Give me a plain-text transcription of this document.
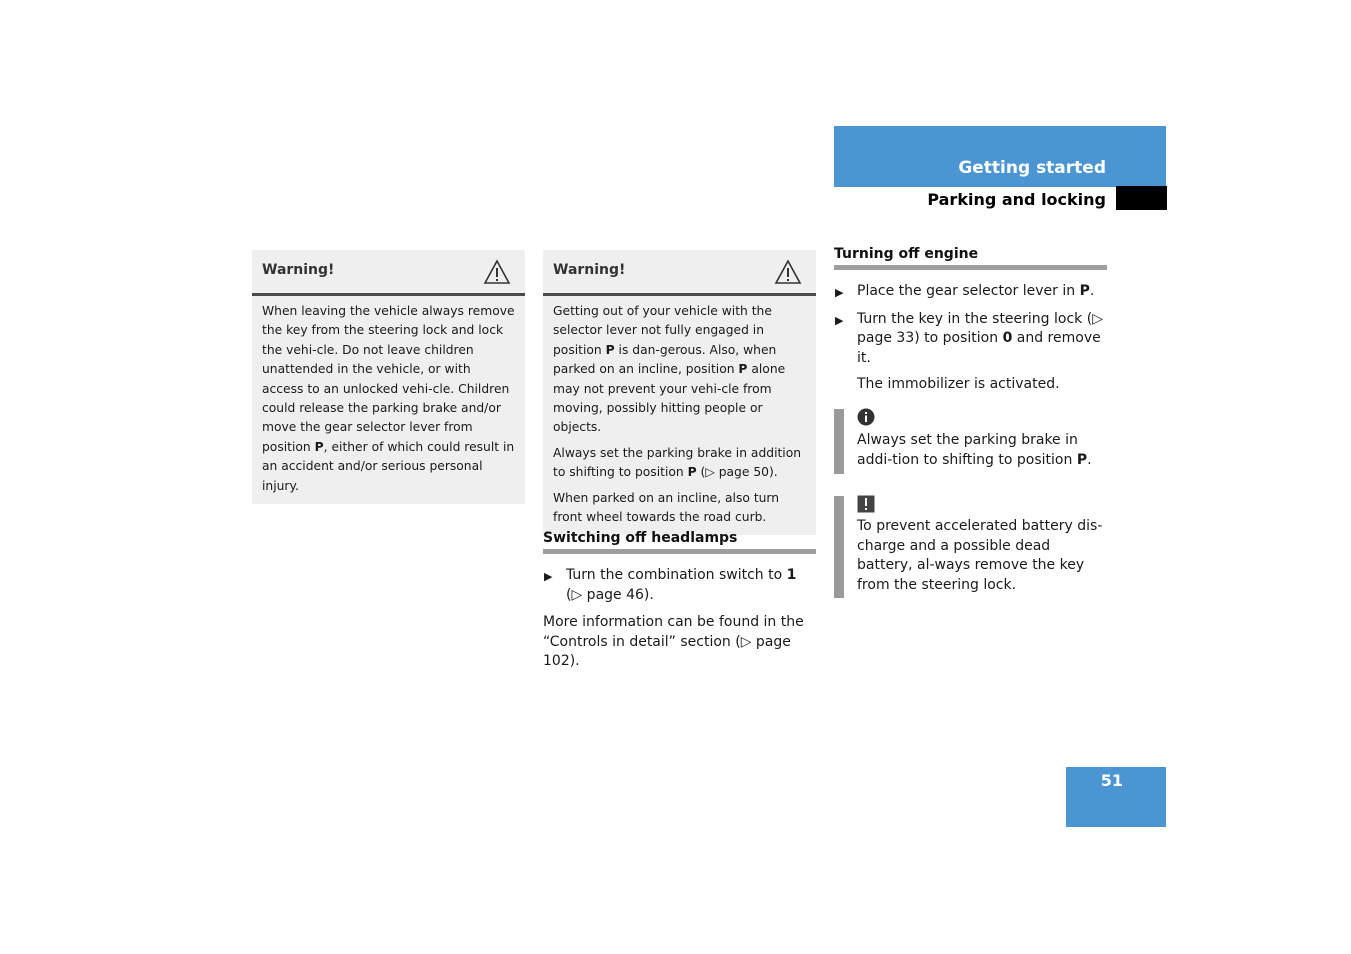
Getting started
Parking and locking
Warning!

When leaving the vehicle always remove the key from the steering lock and lock the vehi-cle. Do not leave children unattended in the vehicle, or with access to an unlocked vehi-cle. Children could release the parking brake and/or move the gear selector lever from position P, either of which could result in an accident and/or serious personal injury.

Warning!

Getting out of your vehicle with the selector lever not fully engaged in position P is dan-gerous. Also, when parked on an incline, position P alone may not prevent your vehi-cle from moving, possibly hitting people or objects.

Always set the parking brake in addition to shifting to position P (▷ page 50).

When parked on an incline, also turn front wheel towards the road curb.

Switching off headlamps
▶ Turn the combination switch to 1
(▷ page 46).
More information can be found in the “Controls in detail” section (▷ page 102).
Turning off engine
▶ Place the gear selector lever in P.
▶ Turn the key in the steering lock (▷ page 33) to position 0 and remove it.
The immobilizer is activated.
Always set the parking brake in addi-tion to shifting to position P.
To prevent accelerated battery dis-charge and a possible dead battery, al-ways remove the key from the steering lock.
51
